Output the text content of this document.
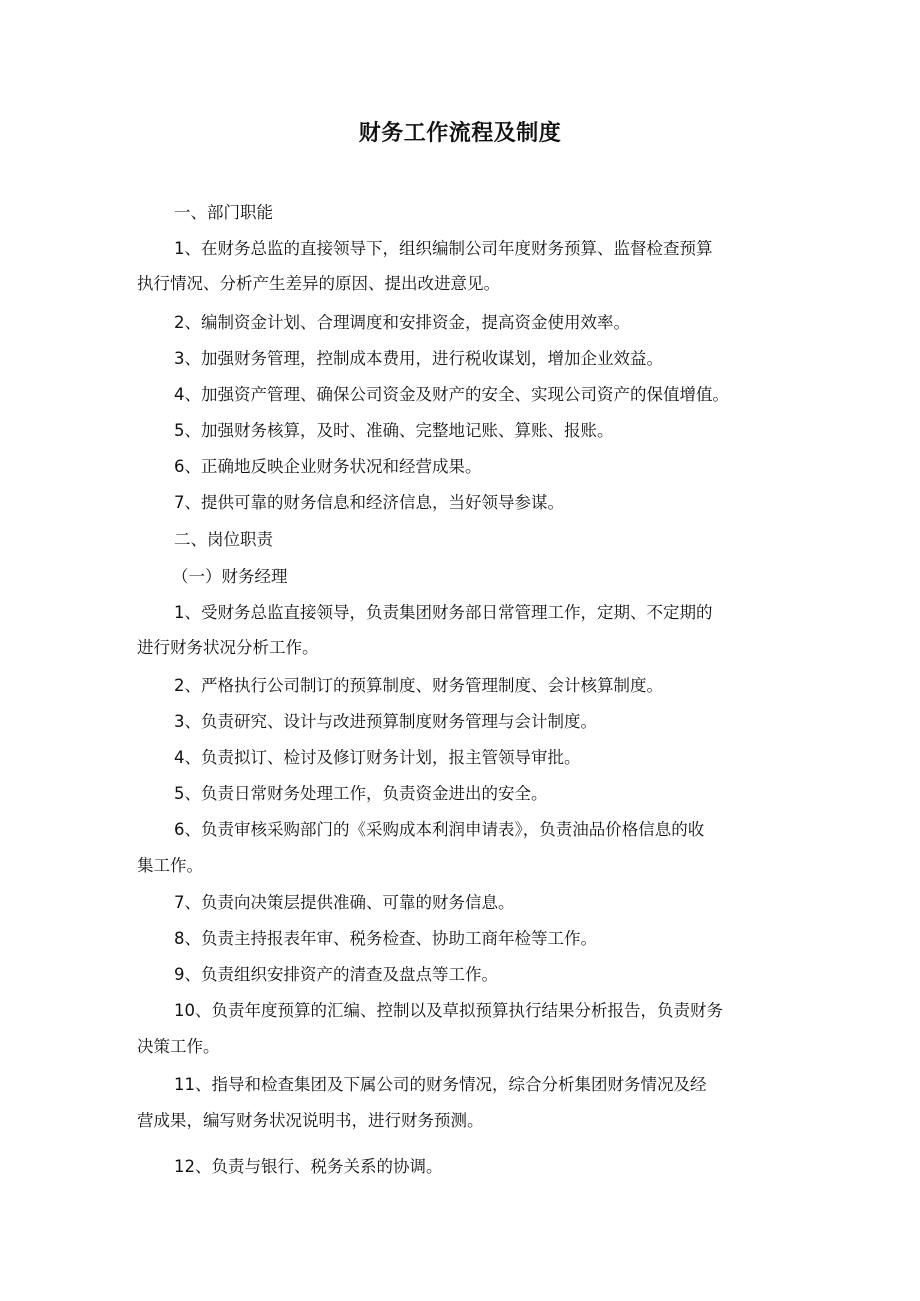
财务工作流程及制度

一、部门职能

1、在财务总监的直接领导下，组织编制公司年度财务预算、监督检查预算

执行情况、分析产生差异的原因、提出改进意见。

2、编制资金计划、合理调度和安排资金，提高资金使用效率。

3、加强财务管理，控制成本费用，进行税收谋划，增加企业效益。

4、加强资产管理、确保公司资金及财产的安全、实现公司资产的保值增值。

5、加强财务核算，及时、准确、完整地记账、算账、报账。

6、正确地反映企业财务状况和经营成果。

7、提供可靠的财务信息和经济信息，当好领导参谋。

二、岗位职责

（一）财务经理

1、受财务总监直接领导，负责集团财务部日常管理工作，定期、不定期的

进行财务状况分析工作。

2、严格执行公司制订的预算制度、财务管理制度、会计核算制度。

3、负责研究、设计与改进预算制度财务管理与会计制度。

4、负责拟订、检讨及修订财务计划，报主管领导审批。

5、负责日常财务处理工作，负责资金进出的安全。

6、负责审核采购部门的《采购成本利润申请表》，负责油品价格信息的收

集工作。

7、负责向决策层提供准确、可靠的财务信息。

8、负责主持报表年审、税务检查、协助工商年检等工作。

9、负责组织安排资产的清查及盘点等工作。

10、负责年度预算的汇编、控制以及草拟预算执行结果分析报告，负责财务

决策工作。

11、指导和检查集团及下属公司的财务情况，综合分析集团财务情况及经

营成果，编写财务状况说明书，进行财务预测。

12、负责与银行、税务关系的协调。
